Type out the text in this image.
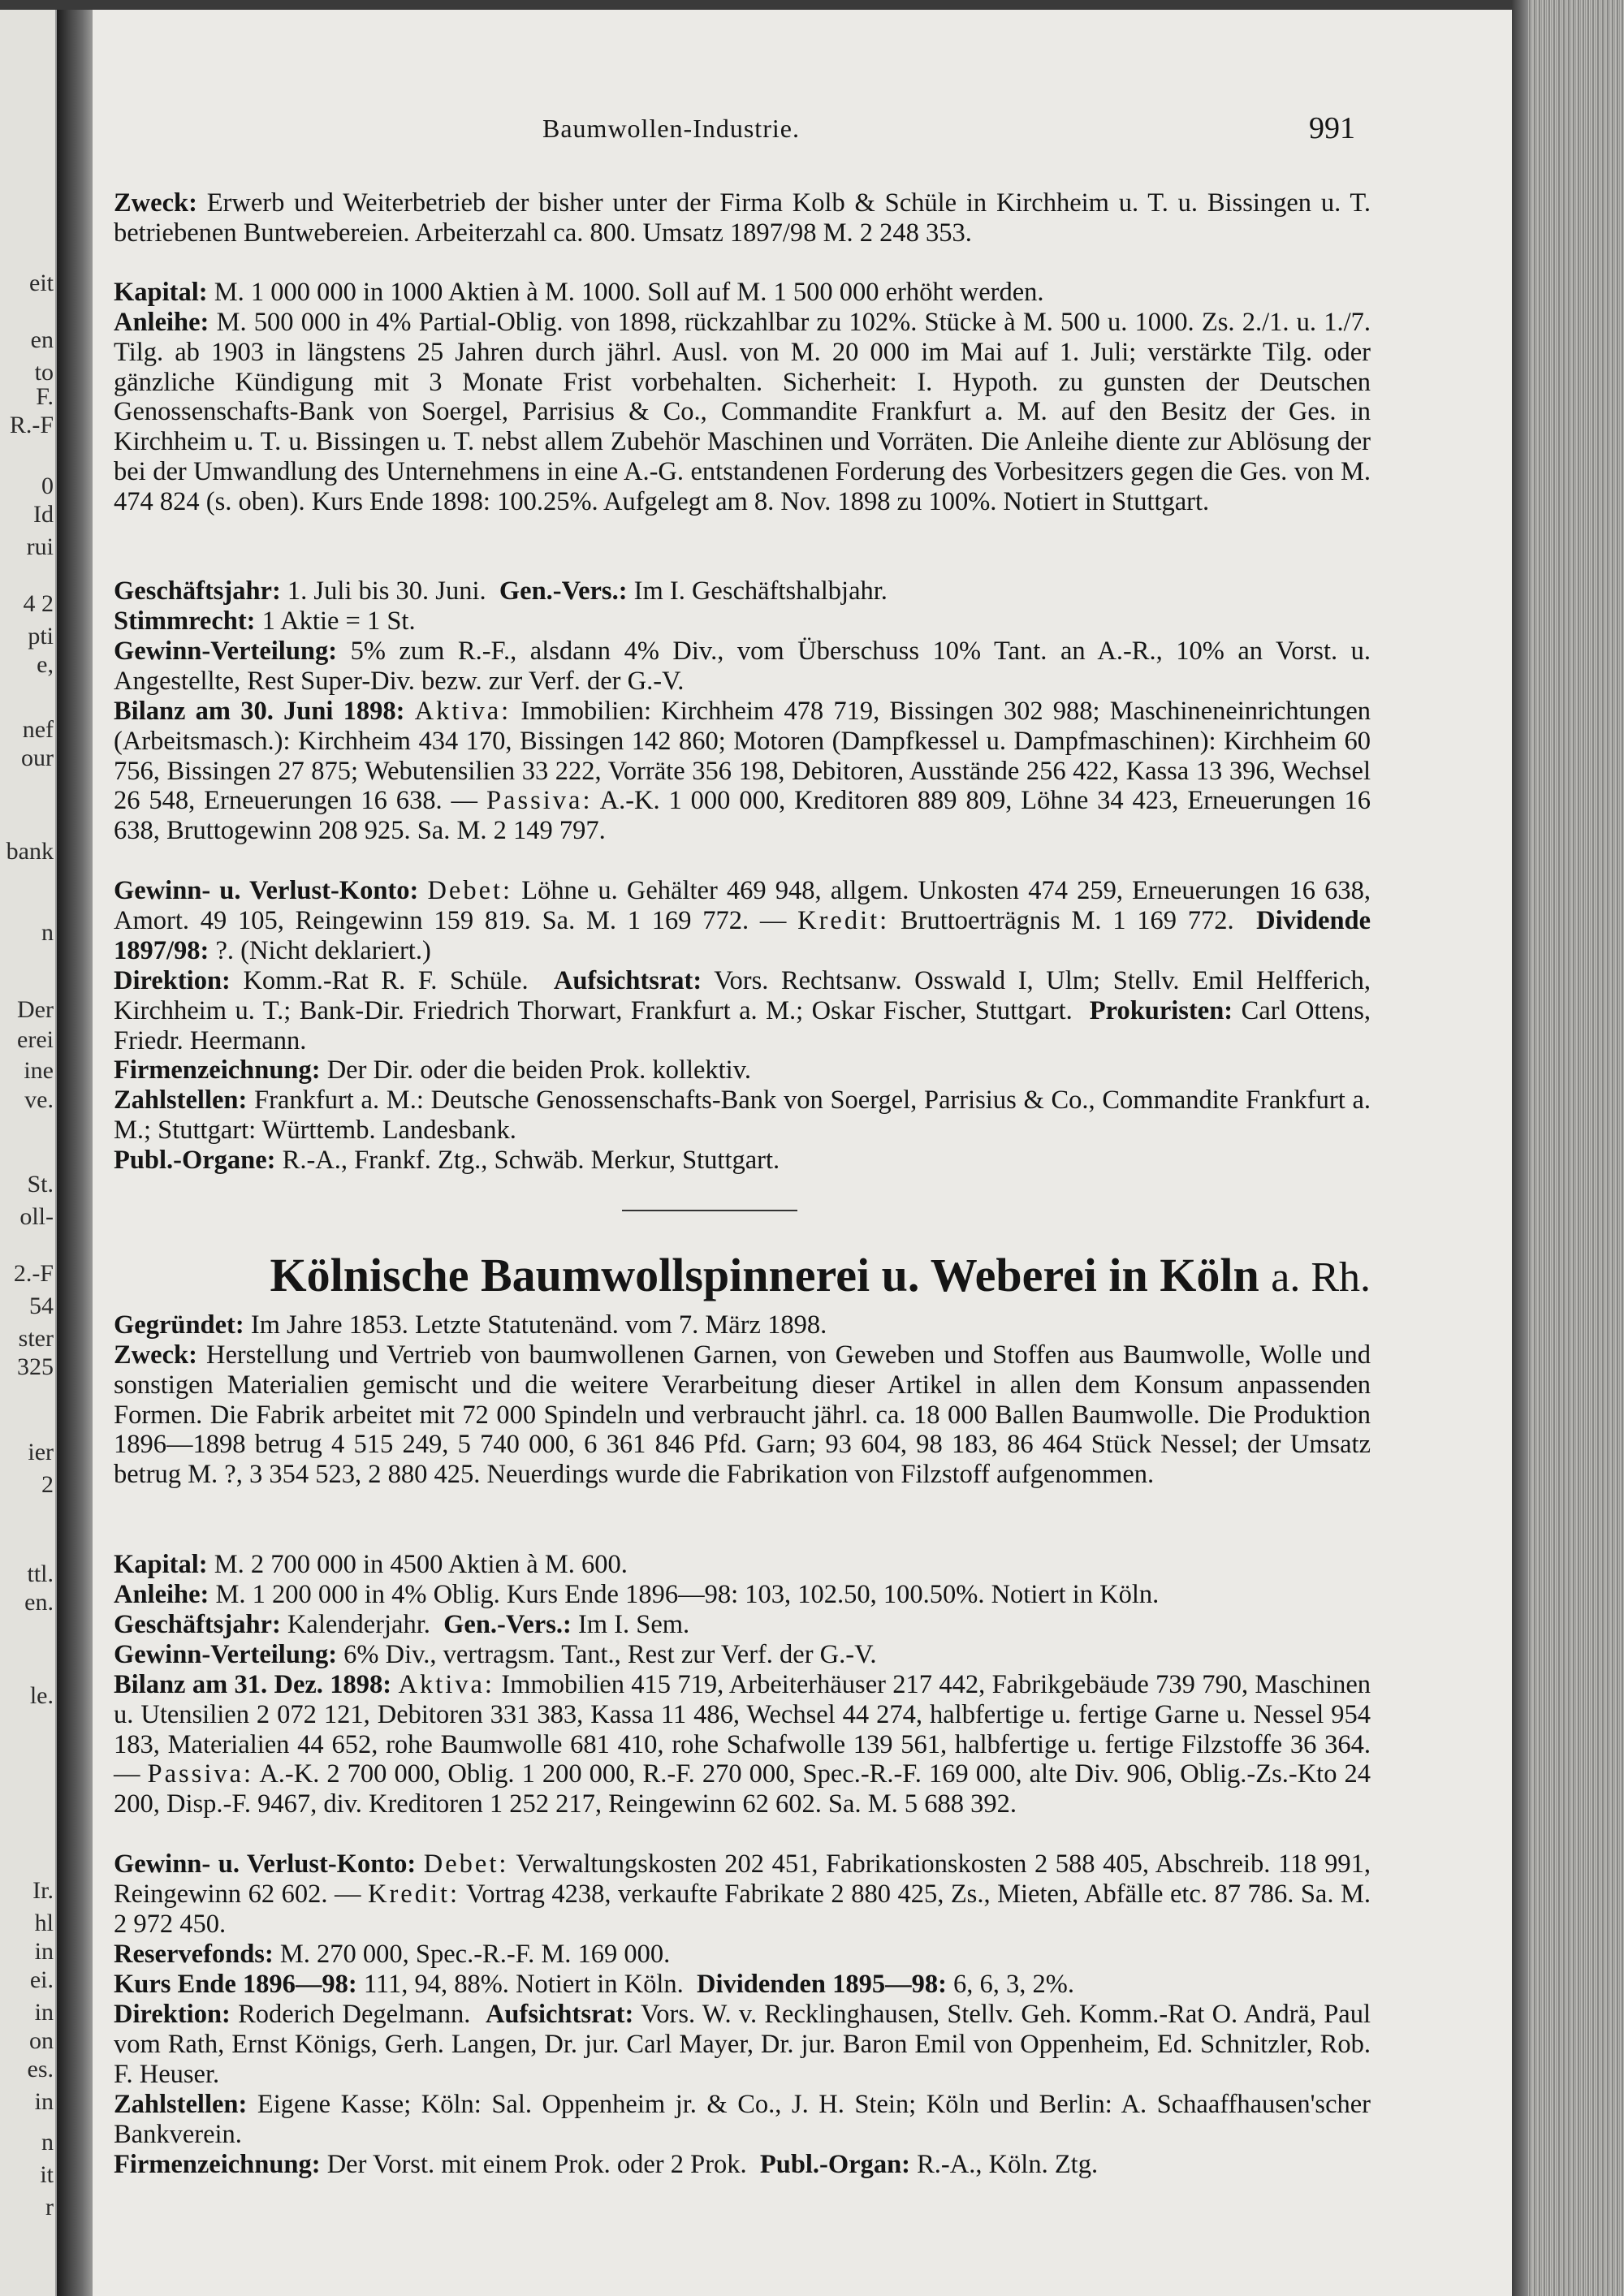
eit
en
to
F.
R.-F
0
Id
rui
4 2
pti
e,
nef
our
bank
n
Der
erei
ine
ve.
St.
oll-
2.-F
54
ster
325
ier
2
ttl.
en.
le.
Ir.
hl
in
ei.
in
on
es.
in
n
it
r
Baumwollen-Industrie.	991

Zweck: Erwerb und Weiterbetrieb der bisher unter der Firma Kolb & Schüle in Kirchheim u. T. u. Bissingen u. T. betriebenen Buntwebereien. Arbeiterzahl ca. 800. Umsatz 1897/98 M. 2 248 353.

Kapital: M. 1 000 000 in 1000 Aktien à M. 1000. Soll auf M. 1 500 000 erhöht werden.

Anleihe: M. 500 000 in 4% Partial-Oblig. von 1898, rückzahlbar zu 102%. Stücke à M. 500 u. 1000. Zs. 2./1. u. 1./7. Tilg. ab 1903 in längstens 25 Jahren durch jährl. Ausl. von M. 20 000 im Mai auf 1. Juli; verstärkte Tilg. oder gänzliche Kündigung mit 3 Monate Frist vorbehalten. Sicherheit: I. Hypoth. zu gunsten der Deutschen Genossenschafts-Bank von Soergel, Parrisius & Co., Commandite Frankfurt a. M. auf den Besitz der Ges. in Kirchheim u. T. u. Bissingen u. T. nebst allem Zubehör Maschinen und Vorräten. Die Anleihe diente zur Ablösung der bei der Umwandlung des Unternehmens in eine A.-G. entstandenen Forderung des Vorbesitzers gegen die Ges. von M. 474 824 (s. oben). Kurs Ende 1898: 100.25%. Aufgelegt am 8. Nov. 1898 zu 100%. Notiert in Stuttgart.

Geschäftsjahr: 1. Juli bis 30. Juni. Gen.-Vers.: Im I. Geschäftshalbjahr.

Stimmrecht: 1 Aktie = 1 St.

Gewinn-Verteilung: 5% zum R.-F., alsdann 4% Div., vom Überschuss 10% Tant. an A.-R., 10% an Vorst. u. Angestellte, Rest Super-Div. bezw. zur Verf. der G.-V.

Bilanz am 30. Juni 1898: Aktiva: Immobilien: Kirchheim 478 719, Bissingen 302 988; Maschineneinrichtungen (Arbeitsmasch.): Kirchheim 434 170, Bissingen 142 860; Motoren (Dampfkessel u. Dampfmaschinen): Kirchheim 60 756, Bissingen 27 875; Webutensilien 33 222, Vorräte 356 198, Debitoren, Ausstände 256 422, Kassa 13 396, Wechsel 26 548, Erneuerungen 16 638. — Passiva: A.-K. 1 000 000, Kreditoren 889 809, Löhne 34 423, Erneuerungen 16 638, Bruttogewinn 208 925. Sa. M. 2 149 797.

Gewinn- u. Verlust-Konto: Debet: Löhne u. Gehälter 469 948, allgem. Unkosten 474 259, Erneuerungen 16 638, Amort. 49 105, Reingewinn 159 819. Sa. M. 1 169 772. — Kredit: Bruttoerträgnis M. 1 169 772. Dividende 1897/98: ?. (Nicht deklariert.)

Direktion: Komm.-Rat R. F. Schüle. Aufsichtsrat: Vors. Rechtsanw. Osswald I, Ulm; Stellv. Emil Helfferich, Kirchheim u. T.; Bank-Dir. Friedrich Thorwart, Frankfurt a. M.; Oskar Fischer, Stuttgart. Prokuristen: Carl Ottens, Friedr. Heermann.

Firmenzeichnung: Der Dir. oder die beiden Prok. kollektiv.

Zahlstellen: Frankfurt a. M.: Deutsche Genossenschafts-Bank von Soergel, Parrisius & Co., Commandite Frankfurt a. M.; Stuttgart: Württemb. Landesbank.

Publ.-Organe: R.-A., Frankf. Ztg., Schwäb. Merkur, Stuttgart.

Kölnische Baumwollspinnerei u. Weberei in Köln a. Rh.

Gegründet: Im Jahre 1853. Letzte Statutenänd. vom 7. März 1898.

Zweck: Herstellung und Vertrieb von baumwollenen Garnen, von Geweben und Stoffen aus Baumwolle, Wolle und sonstigen Materialien gemischt und die weitere Verarbeitung dieser Artikel in allen dem Konsum anpassenden Formen. Die Fabrik arbeitet mit 72 000 Spindeln und verbraucht jährl. ca. 18 000 Ballen Baumwolle. Die Produktion 1896—1898 betrug 4 515 249, 5 740 000, 6 361 846 Pfd. Garn; 93 604, 98 183, 86 464 Stück Nessel; der Umsatz betrug M. ?, 3 354 523, 2 880 425. Neuerdings wurde die Fabrikation von Filzstoff aufgenommen.

Kapital: M. 2 700 000 in 4500 Aktien à M. 600.

Anleihe: M. 1 200 000 in 4% Oblig. Kurs Ende 1896—98: 103, 102.50, 100.50%. Notiert in Köln.

Geschäftsjahr: Kalenderjahr. Gen.-Vers.: Im I. Sem.

Gewinn-Verteilung: 6% Div., vertragsm. Tant., Rest zur Verf. der G.-V.

Bilanz am 31. Dez. 1898: Aktiva: Immobilien 415 719, Arbeiterhäuser 217 442, Fabrikgebäude 739 790, Maschinen u. Utensilien 2 072 121, Debitoren 331 383, Kassa 11 486, Wechsel 44 274, halbfertige u. fertige Garne u. Nessel 954 183, Materialien 44 652, rohe Baumwolle 681 410, rohe Schafwolle 139 561, halbfertige u. fertige Filzstoffe 36 364. — Passiva: A.-K. 2 700 000, Oblig. 1 200 000, R.-F. 270 000, Spec.-R.-F. 169 000, alte Div. 906, Oblig.-Zs.-Kto 24 200, Disp.-F. 9467, div. Kreditoren 1 252 217, Reingewinn 62 602. Sa. M. 5 688 392.

Gewinn- u. Verlust-Konto: Debet: Verwaltungskosten 202 451, Fabrikationskosten 2 588 405, Abschreib. 118 991, Reingewinn 62 602. — Kredit: Vortrag 4238, verkaufte Fabrikate 2 880 425, Zs., Mieten, Abfälle etc. 87 786. Sa. M. 2 972 450.

Reservefonds: M. 270 000, Spec.-R.-F. M. 169 000.

Kurs Ende 1896—98: 111, 94, 88%. Notiert in Köln. Dividenden 1895—98: 6, 6, 3, 2%.

Direktion: Roderich Degelmann. Aufsichtsrat: Vors. W. v. Recklinghausen, Stellv. Geh. Komm.-Rat O. Andrä, Paul vom Rath, Ernst Königs, Gerh. Langen, Dr. jur. Carl Mayer, Dr. jur. Baron Emil von Oppenheim, Ed. Schnitzler, Rob. F. Heuser.

Zahlstellen: Eigene Kasse; Köln: Sal. Oppenheim jr. & Co., J. H. Stein; Köln und Berlin: A. Schaaffhausen'scher Bankverein.

Firmenzeichnung: Der Vorst. mit einem Prok. oder 2 Prok. Publ.-Organ: R.-A., Köln. Ztg.
